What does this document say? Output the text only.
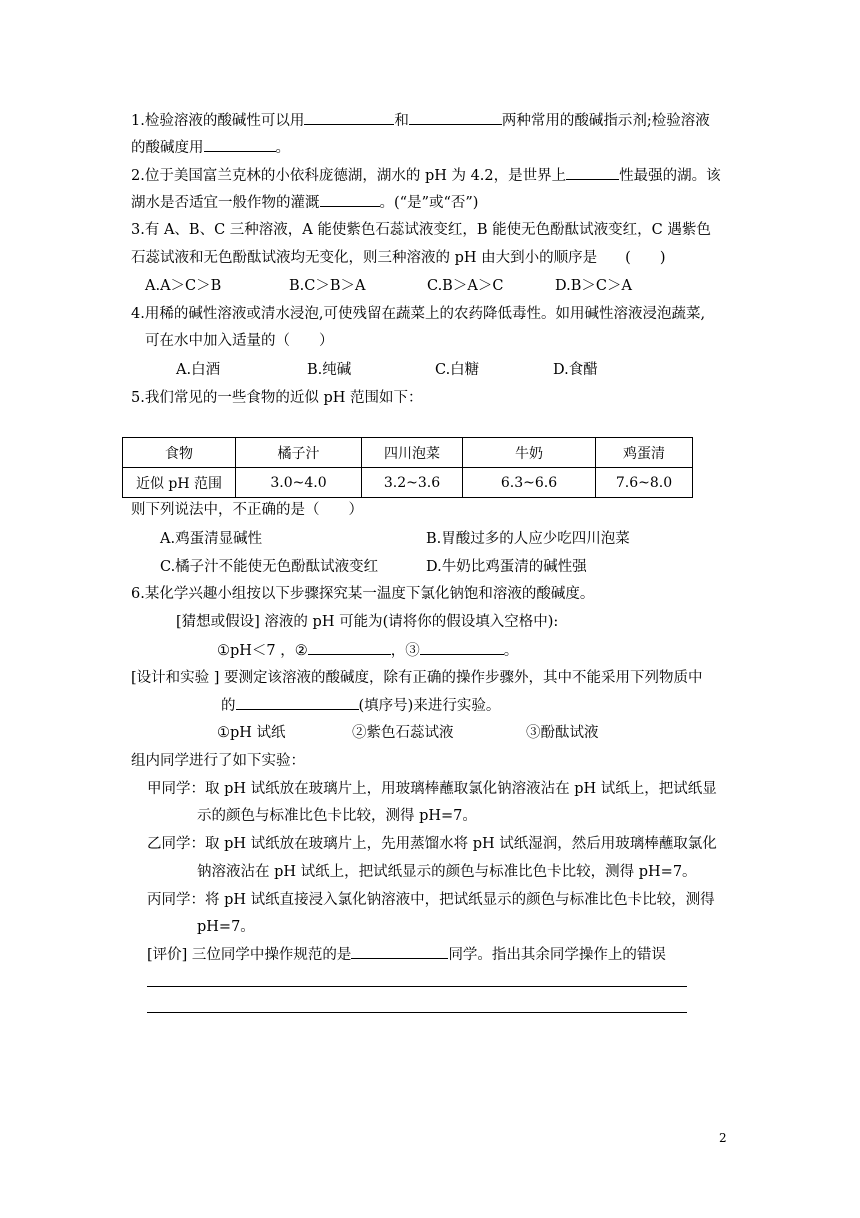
1.检验溶液的酸碱性可以用	和	两种常用的酸碱指示剂;检验溶液
的酸碱度用	。
2.位于美国富兰克林的小依科庞德湖，湖水的 pH 为 4.2，是世界上	性最强的湖。该
湖水是否适宜一般作物的灌溉	。(“是”或“否”)
3.有 A、B、C 三种溶液，A 能使紫色石蕊试液变红，B 能使无色酚酞试液变红，C 遇紫色
石蕊试液和无色酚酞试液均无变化，则三种溶液的 pH 由大到小的顺序是 (　　)
A.A＞C＞B	B.C＞B＞A	C.B＞A＞C	D.B＞C＞A
4.用稀的碱性溶液或清水浸泡,可使残留在蔬菜上的农药降低毒性。如用碱性溶液浸泡蔬菜,
可在水中加入适量的（　　）
A.白酒	B.纯碱	C.白糖	D.食醋
5.我们常见的一些食物的近似 pH 范围如下：
食物	橘子汁	四川泡菜	牛奶	鸡蛋清
近似 pH 范围	3.0~4.0	3.2~3.6	6.3~6.6	7.6~8.0
则下列说法中，不正确的是（　　）
A.鸡蛋清显碱性	B.胃酸过多的人应少吃四川泡菜
C.橘子汁不能使无色酚酞试液变红	D.牛奶比鸡蛋清的碱性强
6.某化学兴趣小组按以下步骤探究某一温度下氯化钠饱和溶液的酸碱度。
[猜想或假设] 溶液的 pH 可能为(请将你的假设填入空格中):
①pH＜7 ，②	，③	。
[设计和实验 ] 要测定该溶液的酸碱度，除有正确的操作步骤外，其中不能采用下列物质中
的	(填序号)来进行实验。
①pH 试纸	②紫色石蕊试液	③酚酞试液
组内同学进行了如下实验：
甲同学：取 pH 试纸放在玻璃片上，用玻璃棒蘸取氯化钠溶液沾在 pH 试纸上，把试纸显
示的颜色与标准比色卡比较，测得 pH=7。
乙同学：取 pH 试纸放在玻璃片上，先用蒸馏水将 pH 试纸湿润，然后用玻璃棒蘸取氯化
钠溶液沾在 pH 试纸上，把试纸显示的颜色与标准比色卡比较，测得 pH=7。
丙同学：将 pH 试纸直接浸入氯化钠溶液中，把试纸显示的颜色与标准比色卡比较，测得
pH=7。
[评价] 三位同学中操作规范的是	同学。指出其余同学操作上的错误
2
